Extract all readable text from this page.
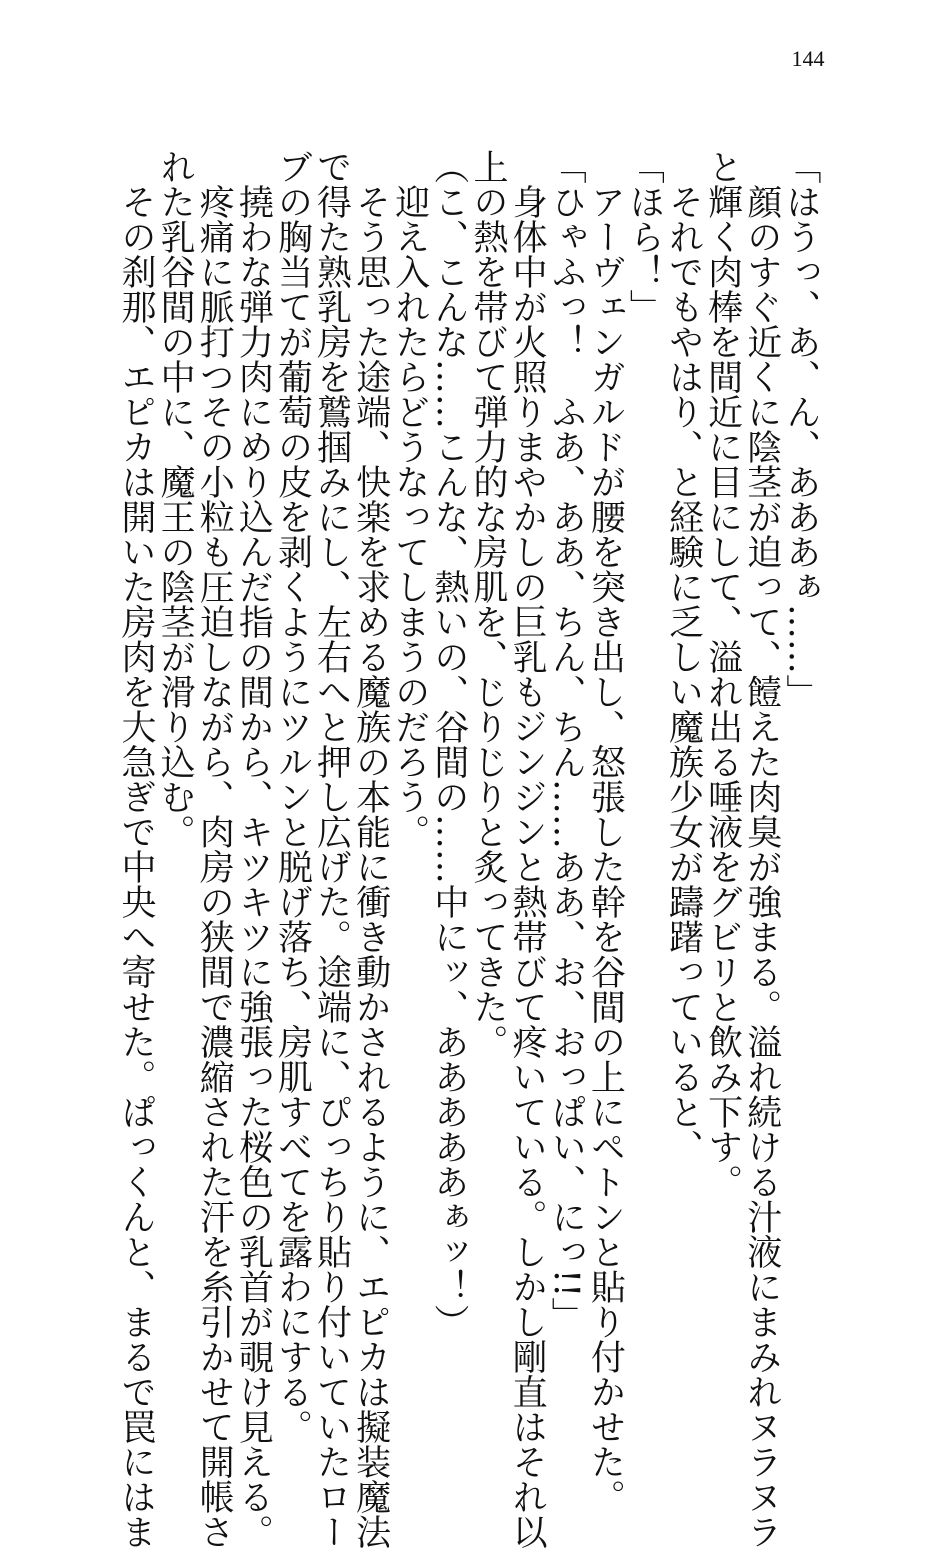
144
「はうっ、あ、ん、あああぁ……」
　顔のすぐ近くに陰茎が迫って、饐えた肉臭が強まる。溢れ続ける汁液にまみれヌラヌラ
と輝く肉棒を間近に目にして、溢れ出る唾液をグビリと飲み下す。
　それでもやはり、と経験に乏しい魔族少女が躊躇っていると、
「ほら！」
　アーヴェンガルドが腰を突き出し、怒張した幹を谷間の上にペトンと貼り付かせた。
「ひゃふっ！　ふあ、ああ、ちん、ちん……ああ、お、おっぱい、にっ!!」
　身体中が火照りまやかしの巨乳もジンジンと熱帯びて疼いている。しかし剛直はそれ以
上の熱を帯びて弾力的な房肌を、じりじりと炙ってきた。
（こ、こんな……こんな、熱いの、谷間の……中にッ、あああああぁッ！）
　迎え入れたらどうなってしまうのだろう。
　そう思った途端、快楽を求める魔族の本能に衝き動かされるように、エピカは擬装魔法
で得た熟乳房を鷲掴みにし、左右へと押し広げた。途端に、ぴっちり貼り付いていたロー
ブの胸当てが葡萄の皮を剥くようにツルンと脱げ落ち、房肌すべてを露わにする。
　撓わな弾力肉にめり込んだ指の間から、キツキツに強張った桜色の乳首が覗け見える。
　疼痛に脈打つその小粒も圧迫しながら、肉房の狭間で濃縮された汗を糸引かせて開帳さ
れた乳谷間の中に、魔王の陰茎が滑り込む。
　その刹那、エピカは開いた房肉を大急ぎで中央へ寄せた。ぱっくんと、まるで罠にはま
